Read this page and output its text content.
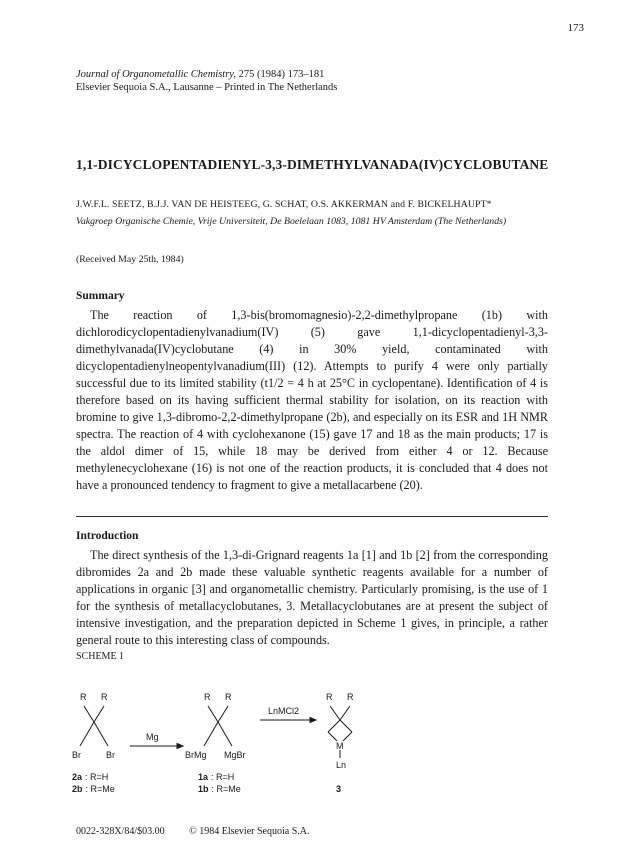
173
Journal of Organometallic Chemistry, 275 (1984) 173–181
Elsevier Sequoia S.A., Lausanne – Printed in The Netherlands
1,1-DICYCLOPENTADIENYL-3,3-DIMETHYLVANADA(IV)CYCLOBUTANE
J.W.F.L. SEETZ, B.J.J. VAN DE HEISTEEG, G. SCHAT, O.S. AKKERMAN and F. BICKELHAUPT*
Vakgroep Organische Chemie, Vrije Universiteit, De Boelelaan 1083, 1081 HV Amsterdam (The Netherlands)
(Received May 25th, 1984)
Summary
The reaction of 1,3-bis(bromomagnesio)-2,2-dimethylpropane (1b) with dichlorodicyclopentadienylvanadium(IV) (5) gave 1,1-dicyclopentadienyl-3,3-dimethylvanada(IV)cyclobutane (4) in 30% yield, contaminated with dicyclopentadienylneopentylvanadium(III) (12). Attempts to purify 4 were only partially successful due to its limited stability (t1/2 = 4 h at 25°C in cyclopentane). Identification of 4 is therefore based on its having sufficient thermal stability for isolation, on its reaction with bromine to give 1,3-dibromo-2,2-dimethylpropane (2b), and especially on its ESR and 1H NMR spectra. The reaction of 4 with cyclohexanone (15) gave 17 and 18 as the main products; 17 is the aldol dimer of 15, while 18 may be derived from either 4 or 12. Because methylenecyclohexane (16) is not one of the reaction products, it is concluded that 4 does not have a pronounced tendency to fragment to give a metallacarbene (20).
Introduction
The direct synthesis of the 1,3-di-Grignard reagents 1a [1] and 1b [2] from the corresponding dibromides 2a and 2b made these valuable synthetic reagents available for a number of applications in organic [3] and organometallic chemistry. Particularly promising, is the use of 1 for the synthesis of metallacyclobutanes, 3. Metallacyclobutanes are at present the subject of intensive investigation, and the preparation depicted in Scheme 1 gives, in principle, a rather general route to this interesting class of compounds.
SCHEME 1
R R
Br	Br
Mg
R R
BrMg MgBr
LnMCl2
R R
M
Ln
2a : R=H
2b : R=Me
1a : R=H
1b : R=Me	3
0022-328X/84/$03.00 © 1984 Elsevier Sequoia S.A.
